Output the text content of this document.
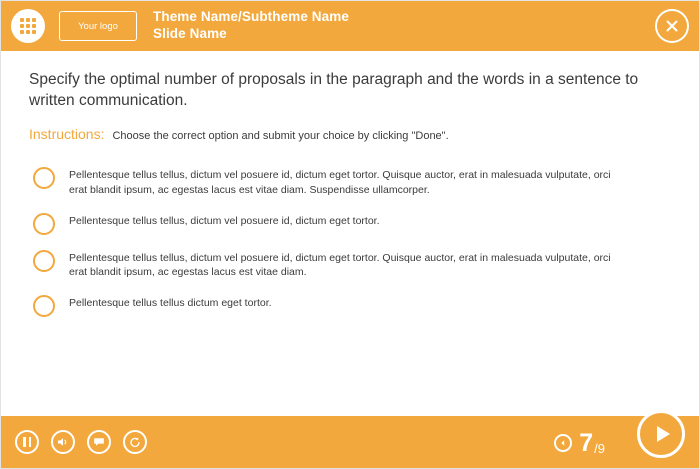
Your logo
Theme Name/Subtheme Name
Slide Name
Specify the optimal number of proposals in the paragraph and the words in a sentence to written communication.
Instructions: Choose the correct option and submit your choice by clicking "Done".
Pellentesque tellus tellus, dictum vel posuere id, dictum eget tortor. Quisque auctor, erat in malesuada vulputate, orci erat blandit ipsum, ac egestas lacus est vitae diam. Suspendisse ullamcorper.
Pellentesque tellus tellus, dictum vel posuere id, dictum eget tortor.
Pellentesque tellus tellus, dictum vel posuere id, dictum eget tortor. Quisque auctor, erat in malesuada vulputate, orci erat blandit ipsum, ac egestas lacus est vitae diam.
Pellentesque tellus tellus dictum eget tortor.
7 /9
